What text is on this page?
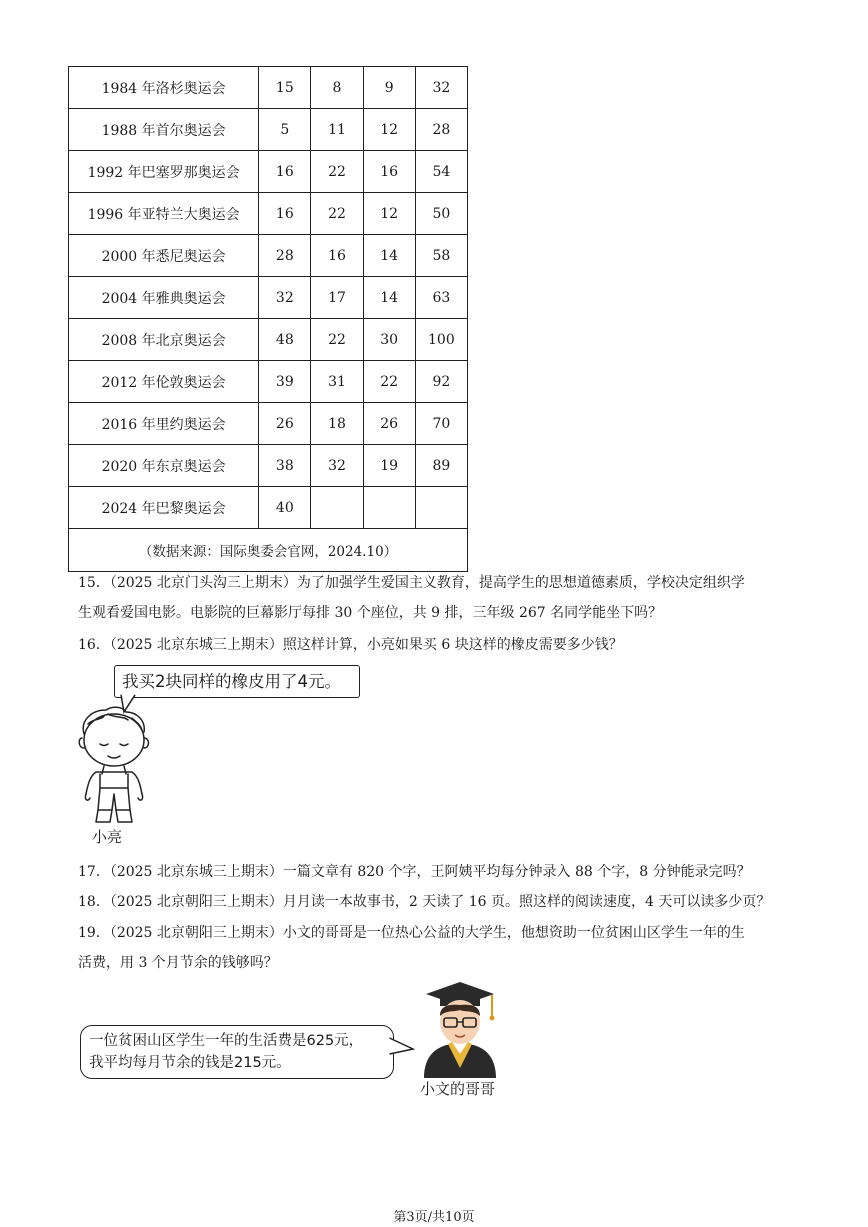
1984 年洛杉奥运会	15	8	9	32
1988 年首尔奥运会	5	11	12	28
1992 年巴塞罗那奥运会	16	22	16	54
1996 年亚特兰大奥运会	16	22	12	50
2000 年悉尼奥运会	28	16	14	58
2004 年雅典奥运会	32	17	14	63
2008 年北京奥运会	48	22	30	100
2012 年伦敦奥运会	39	31	22	92
2016 年里约奥运会	26	18	26	70
2020 年东京奥运会	38	32	19	89
2024 年巴黎奥运会	40			
（数据来源：国际奥委会官网，2024.10）				
15．（2025 北京门头沟三上期末）为了加强学生爱国主义教育，提高学生的思想道德素质，学校决定组织学
生观看爱国电影。电影院的巨幕影厅每排 30 个座位，共 9 排，三年级 267 名同学能坐下吗？
16．（2025 北京东城三上期末）照这样计算，小亮如果买 6 块这样的橡皮需要多少钱？
我买2块同样的橡皮用了4元。
小亮
17．（2025 北京东城三上期末）一篇文章有 820 个字，王阿姨平均每分钟录入 88 个字，8 分钟能录完吗？
18．（2025 北京朝阳三上期末）月月读一本故事书，2 天读了 16 页。照这样的阅读速度，4 天可以读多少页？
19．（2025 北京朝阳三上期末）小文的哥哥是一位热心公益的大学生，他想资助一位贫困山区学生一年的生
活费，用 3 个月节余的钱够吗？
一位贫困山区学生一年的生活费是625元，
我平均每月节余的钱是215元。
小文的哥哥
第3页/共10页
